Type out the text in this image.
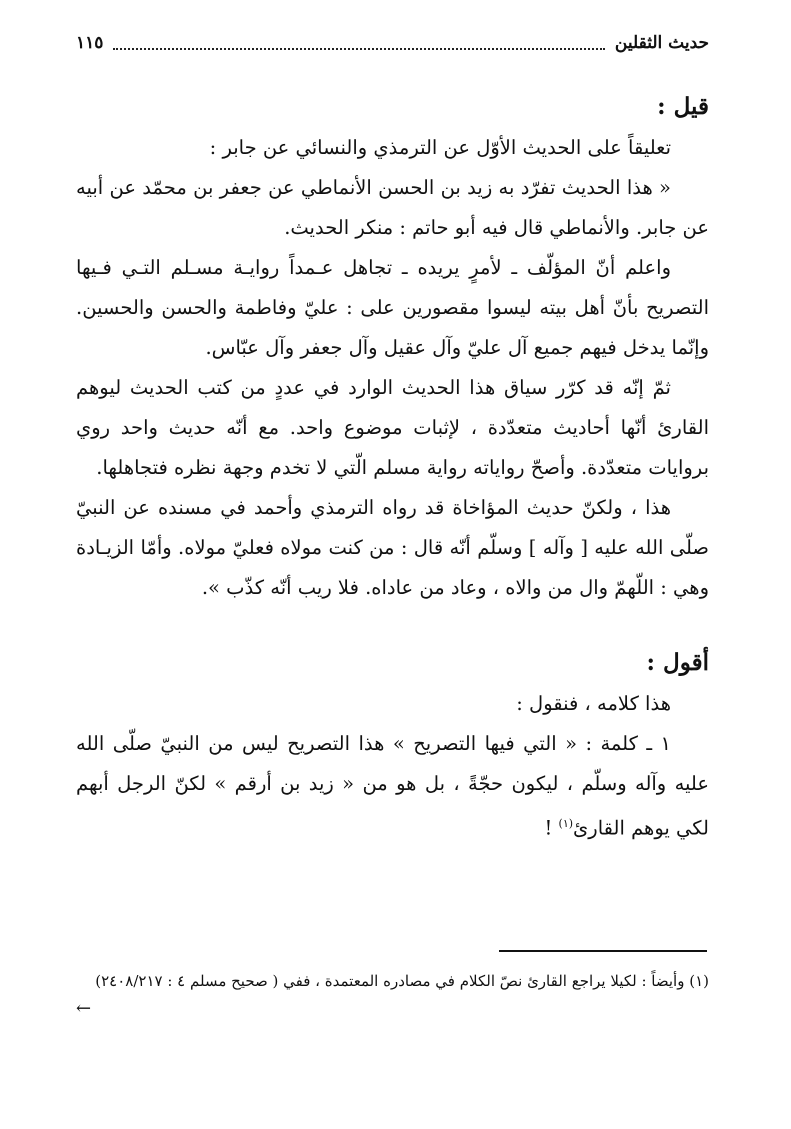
حديث الثقلين
١١٥
قيل :

تعليقاً على الحديث الأوّل عن الترمذي والنسائي عن جابر :

« هذا الحديث تفرّد به زيد بن الحسن الأنماطي عن جعفر بن محمّد عن أبيه عن جابر. والأنماطي قال فيه أبو حاتم : منكر الحديث.

واعلم أنّ المؤلّف ـ لأمرٍ يريده ـ تجاهل عـمداً روايـة مسـلم التـي فـيها التصريح بأنّ أهل بيته ليسوا مقصورين على : عليّ وفاطمة والحسن والحسين. وإنّما يدخل فيهم جميع آل عليّ وآل عقيل وآل جعفر وآل عبّاس.

ثمّ إنّه قد كرّر سياق هذا الحديث الوارد في عددٍ من كتب الحديث ليوهم القارئ أنّها أحاديث متعدّدة ، لإثبات موضوع واحد. مع أنّه حديث واحد روي بروايات متعدّدة. وأصحّ رواياته رواية مسلم الّتي لا تخدم وجهة نظره فتجاهلها.

هذا ، ولكنّ حديث المؤاخاة قد رواه الترمذي وأحمد في مسنده عن النبيّ صلّى الله عليه [ وآله ] وسلّم أنّه قال : من كنت مولاه فعليّ مولاه. وأمّا الزيـادة وهي : اللّهمّ وال من والاه ، وعاد من عاداه. فلا ريب أنّه كذّب ».

أقول :

هذا كلامه ، فنقول :

١ ـ كلمة : « التي فيها التصريح » هذا التصريح ليس من النبيّ صلّى الله عليه وآله وسلّم ، ليكون حجّةً ، بل هو من « زيد بن أرقم » لكنّ الرجل أبهم لكي يوهم القارئ$^{(١)}$ !

(١) وأيضاً : لكيلا يراجع القارئ نصّ الكلام في مصادره المعتمدة ، ففي ( صحيح مسلم ٤ : ٢٤٠٨/٢١٧)
←
